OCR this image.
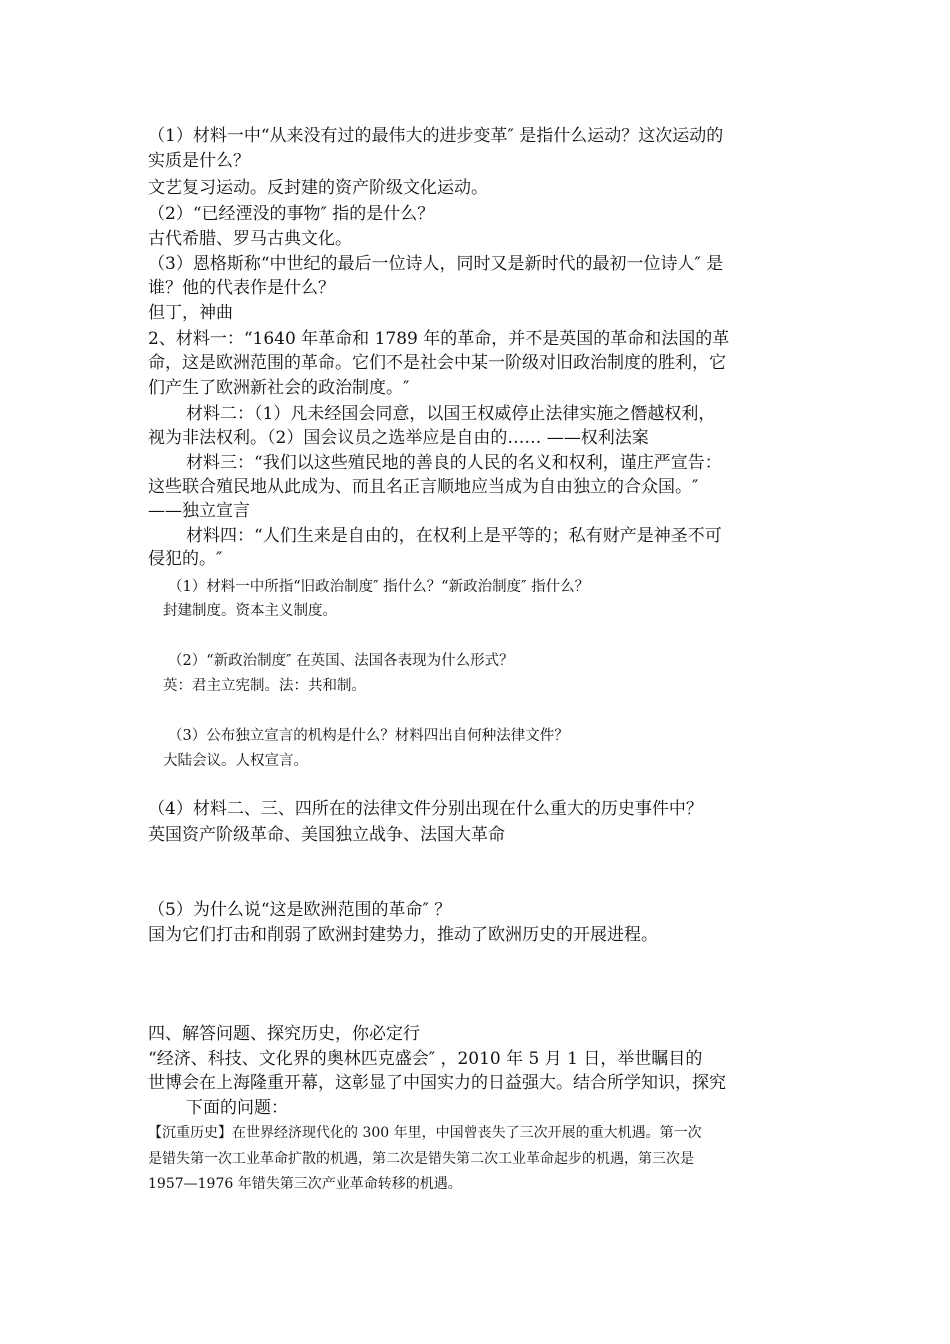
（1）材料一中“从来没有过的最伟大的进步变革″ 是指什么运动？这次运动的

实质是什么？

文艺复习运动。反封建的资产阶级文化运动。

（2）“已经湮没的事物″ 指的是什么？

古代希腊、罗马古典文化。

（3）恩格斯称“中世纪的最后一位诗人，同时又是新时代的最初一位诗人″ 是

谁？他的代表作是什么？

但丁，神曲

2、材料一：“1640 年革命和 1789 年的革命，并不是英国的革命和法国的革

命，这是欧洲范围的革命。它们不是社会中某一阶级对旧政治制度的胜利，它

们产生了欧洲新社会的政治制度。″

材料二：（1）凡未经国会同意，以国王权威停止法律实施之僭越权利，

视为非法权利。（2）国会议员之选举应是自由的…… ——权利法案

材料三：“我们以这些殖民地的善良的人民的名义和权利，谨庄严宣告：

这些联合殖民地从此成为、而且名正言顺地应当成为自由独立的合众国。″

——独立宣言

材料四：“人们生来是自由的，在权利上是平等的；私有财产是神圣不可

侵犯的。″

（1）材料一中所指“旧政治制度″ 指什么？“新政治制度″ 指什么？

封建制度。资本主义制度。

（2）“新政治制度″ 在英国、法国各表现为什么形式？

英：君主立宪制。法：共和制。

（3）公布独立宣言的机构是什么？材料四出自何种法律文件？

大陆会议。人权宣言。

（4）材料二、三、四所在的法律文件分别出现在什么重大的历史事件中？

英国资产阶级革命、美国独立战争、法国大革命

（5）为什么说“这是欧洲范围的革命″ ？

国为它们打击和削弱了欧洲封建势力，推动了欧洲历史的开展进程。

四、解答问题、探究历史，你必定行

“经济、科技、文化界的奥林匹克盛会″ ，2010 年 5 月 1 日，举世瞩目的

世博会在上海隆重开幕，这彰显了中国实力的日益强大。结合所学知识，探究

下面的问题：

【沉重历史】在世界经济现代化的 300 年里，中国曾丧失了三次开展的重大机遇。第一次

是错失第一次工业革命扩散的机遇，第二次是错失第二次工业革命起步的机遇，第三次是

1957—1976 年错失第三次产业革命转移的机遇。
